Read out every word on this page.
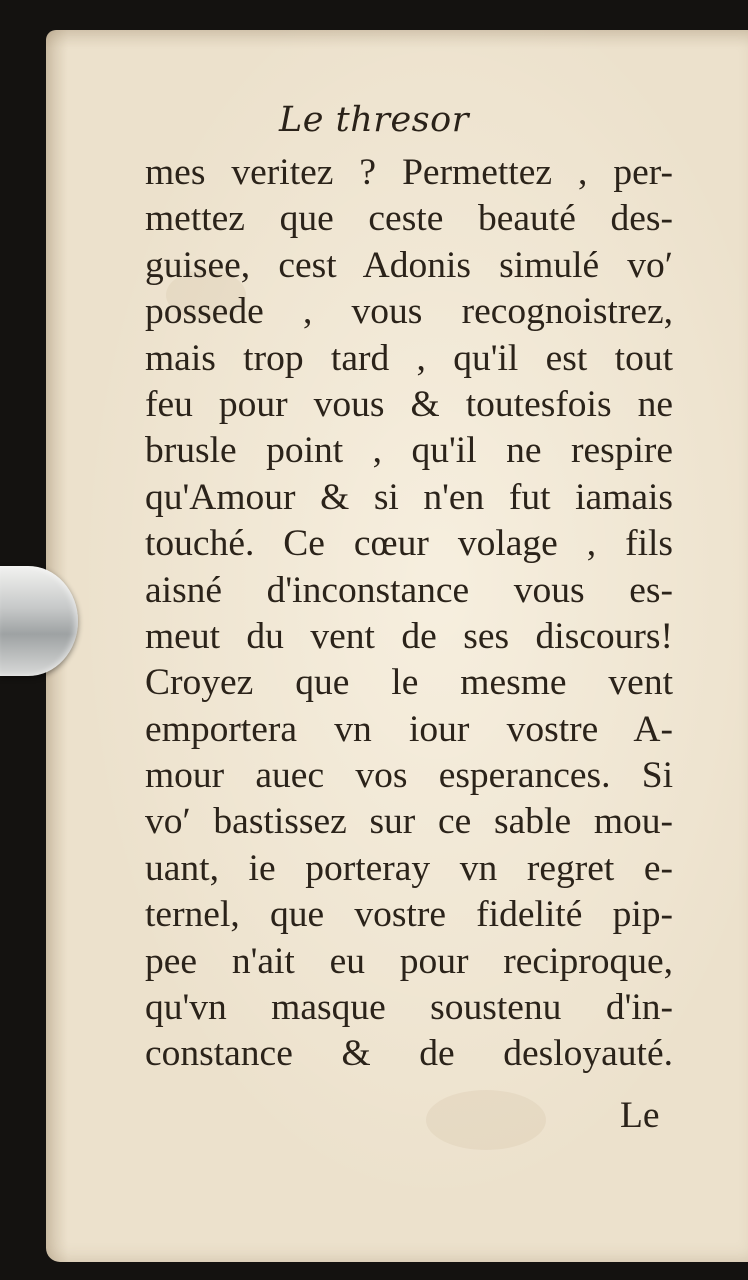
Le thresor
mes veritez ? Permettez , per-
mettez que ceste beauté des-
guisee, cest Adonis simulé voʹ
possede , vous recognoistrez,
mais trop tard , qu'il est tout
feu pour vous & toutesfois ne
brusle point , qu'il ne respire
qu'Amour & si n'en fut iamais
touché. Ce cœur volage , fils
aisné d'inconstance vous es-
meut du vent de ses discours!
Croyez que le mesme vent
emportera vn iour vostre A-
mour auec vos esperances. Si
voʹ bastissez sur ce sable mou-
uant, ie porteray vn regret e-
ternel, que vostre fidelité pip-
pee n'ait eu pour reciproque,
qu'vn masque soustenu d'in-
constance & de desloyauté.
Le
